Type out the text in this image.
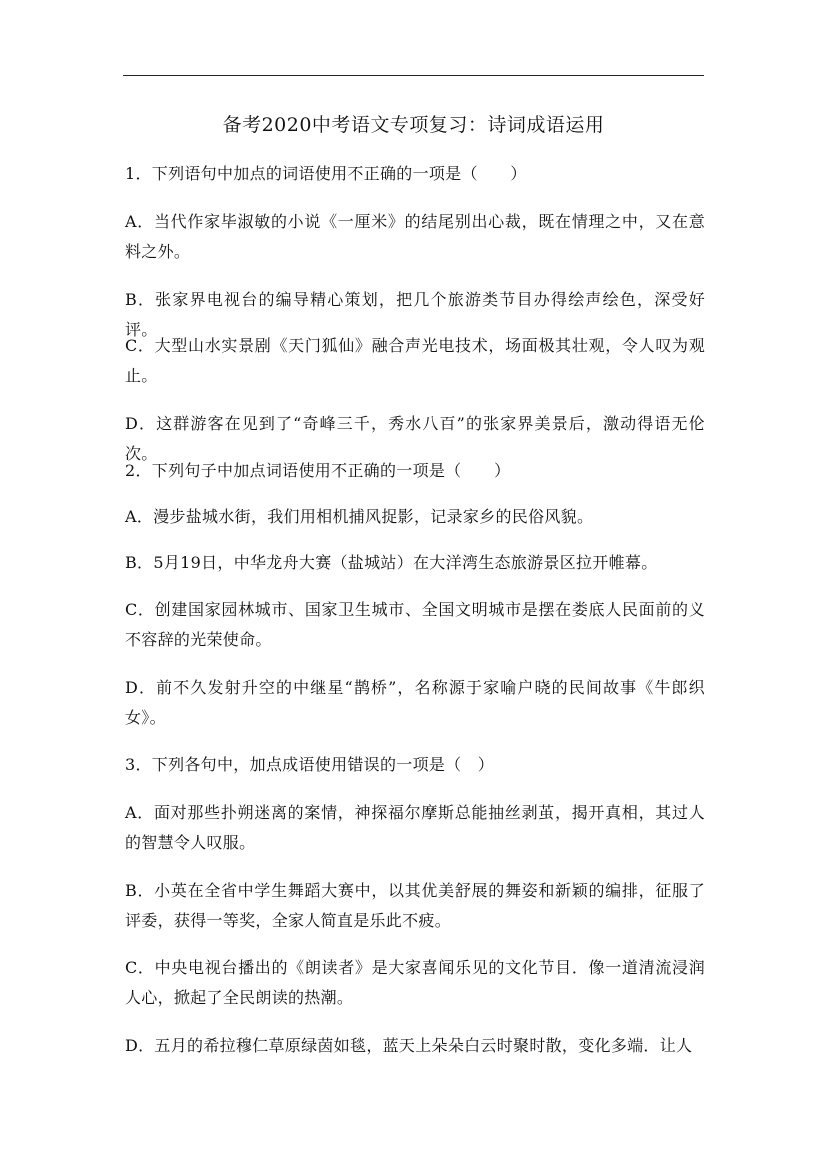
备考2020中考语文专项复习：诗词成语运用
1．下列语句中加点的词语使用不正确的一项是（　　）
A．当代作家毕淑敏的小说《一厘米》的结尾别出心裁，既在情理之中，又在意料之外。
B．张家界电视台的编导精心策划，把几个旅游类节目办得绘声绘色，深受好评。
C．大型山水实景剧《天门狐仙》融合声光电技术，场面极其壮观，令人叹为观止。
D．这群游客在见到了“奇峰三千，秀水八百”的张家界美景后，激动得语无伦次。
2．下列句子中加点词语使用不正确的一项是（　　）
A．漫步盐城水街，我们用相机捕风捉影，记录家乡的民俗风貌。
B．5月19日，中华龙舟大赛（盐城站）在大洋湾生态旅游景区拉开帷幕。
C．创建国家园林城市、国家卫生城市、全国文明城市是摆在娄底人民面前的义不容辞的光荣使命。
D．前不久发射升空的中继星“鹊桥”，名称源于家喻户晓的民间故事《牛郎织女》。
3．下列各句中，加点成语使用错误的一项是（　）
A．面对那些扑朔迷离的案情，神探福尔摩斯总能抽丝剥茧，揭开真相，其过人的智慧令人叹服。
B．小英在全省中学生舞蹈大赛中，以其优美舒展的舞姿和新颖的编排，征服了评委，获得一等奖，全家人简直是乐此不疲。
C．中央电视台播出的《朗读者》是大家喜闻乐见的文化节目．像一道清流浸润人心，掀起了全民朗读的热潮。
D．五月的希拉穆仁草原绿茵如毯，蓝天上朵朵白云时聚时散，变化多端．让人
